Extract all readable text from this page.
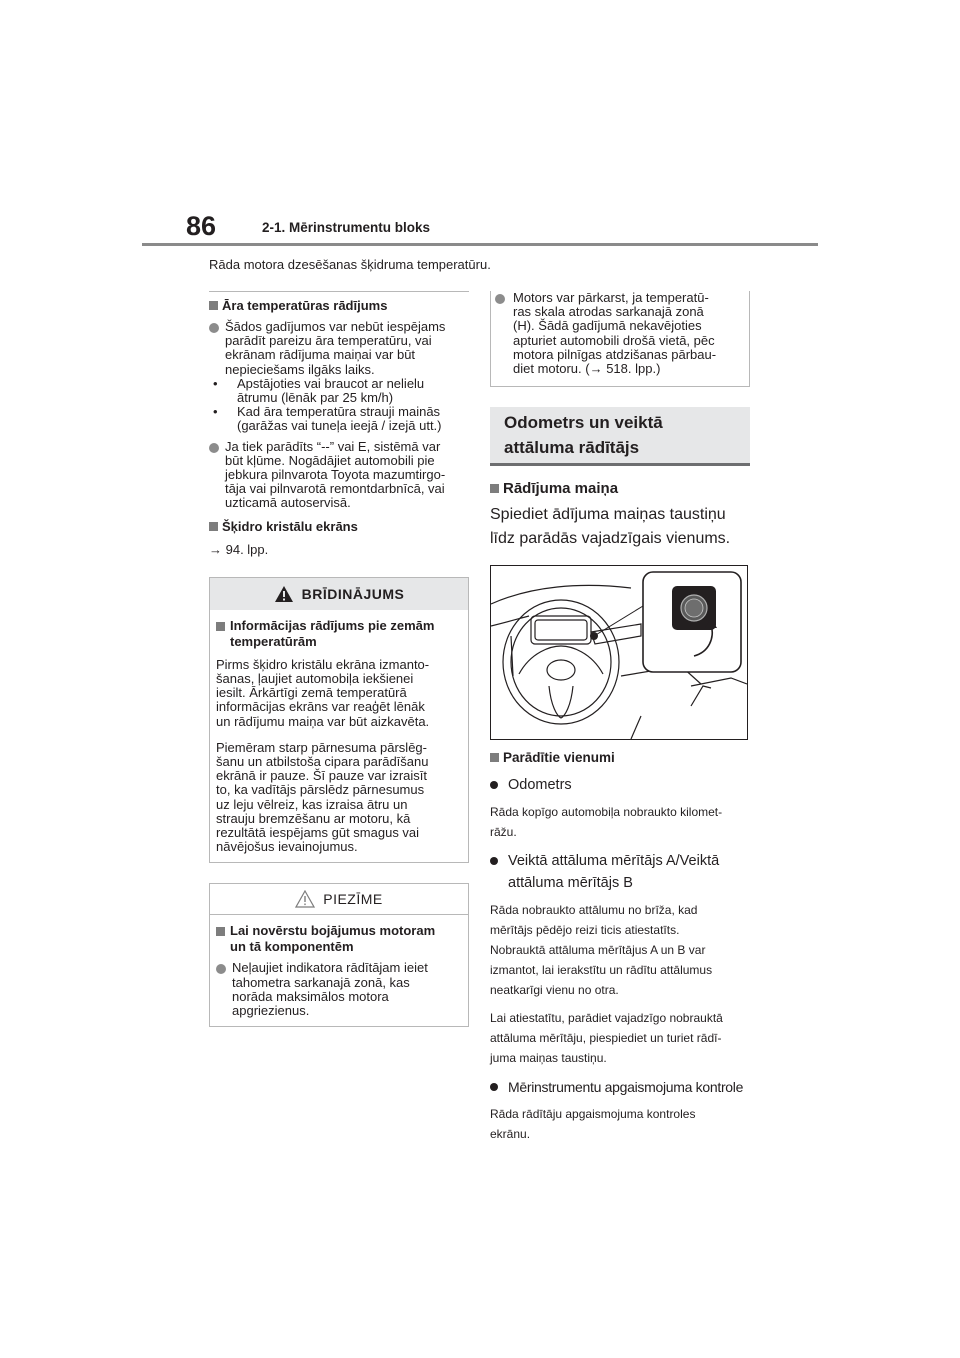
86	2-1. Mērinstrumentu bloks
Rāda motora dzesēšanas šķidruma temperatūru.
Āra temperatūras rādījums
Šādos gadījumos var nebūt iespējams
parādīt pareizu āra temperatūru, vai
ekrānam rādījuma maiņai var būt
nepieciešams ilgāks laiks.
• Apstājoties vai braucot ar nelielu
ātrumu (lēnāk par 25 km/h)
• Kad āra temperatūra strauji mainās
(garāžas vai tuneļa ieejā / izejā utt.)
Ja tiek parādīts “--” vai E, sistēmā var
būt kļūme. Nogādājiet automobili pie
jebkura pilnvarota Toyota mazumtirgo-
tāja vai pilnvarotā remontdarbnīcā, vai
uzticamā autoservisā.
Šķidro kristālu ekrāns
→ 94. lpp.
BRĪDINĀJUMS
Informācijas rādījums pie zemām
temperatūrām
Pirms šķidro kristālu ekrāna izmanto-
šanas, ļaujiet automobiļa iekšienei
iesilt. Ārkārtīgi zemā temperatūrā
informācijas ekrāns var reaģēt lēnāk
un rādījumu maiņa var būt aizkavēta.
Piemēram starp pārnesuma pārslēg-
šanu un atbilstoša cipara parādīšanu
ekrānā ir pauze. Šī pauze var izraisīt
to, ka vadītājs pārslēdz pārnesumus
uz leju vēlreiz, kas izraisa ātru un
strauju bremzēšanu ar motoru, kā
rezultātā iespējams gūt smagus vai
nāvējošus ievainojumus.
PIEZĪME
Lai novērstu bojājumus motoram
un tā komponentēm
Neļaujiet indikatora rādītājam ieiet
tahometra sarkanajā zonā, kas
norāda maksimālos motora
apgriezienus.
Motors var pārkarst, ja temperatū-
ras skala atrodas sarkanajā zonā
(H). Šādā gadījumā nekavējoties
apturiet automobili drošā vietā, pēc
motora pilnīgas atdzišanas pārbau-
diet motoru. (→ 518. lpp.)
Odometrs un veiktā
attāluma rādītājs
Rādījuma maiņa
Spiediet ādījuma maiņas taustiņu
līdz parādās vajadzīgais vienums.
Parādītie vienumi
Odometrs
Rāda kopīgo automobiļa nobraukto kilomet-
rāžu.
Veiktā attāluma mērītājs A/Veiktā
attāluma mērītājs B
Rāda nobraukto attālumu no brīža, kad
mērītājs pēdējo reizi ticis atiestatīts.
Nobrauktā attāluma mērītājus A un B var
izmantot, lai ierakstītu un rādītu attālumus
neatkarīgi vienu no otra.
Lai atiestatītu, parādiet vajadzīgo nobrauktā
attāluma mērītāju, piespiediet un turiet rādī-
juma maiņas taustiņu.
Mērinstrumentu apgaismojuma kontrole
Rāda rādītāju apgaismojuma kontroles
ekrānu.
